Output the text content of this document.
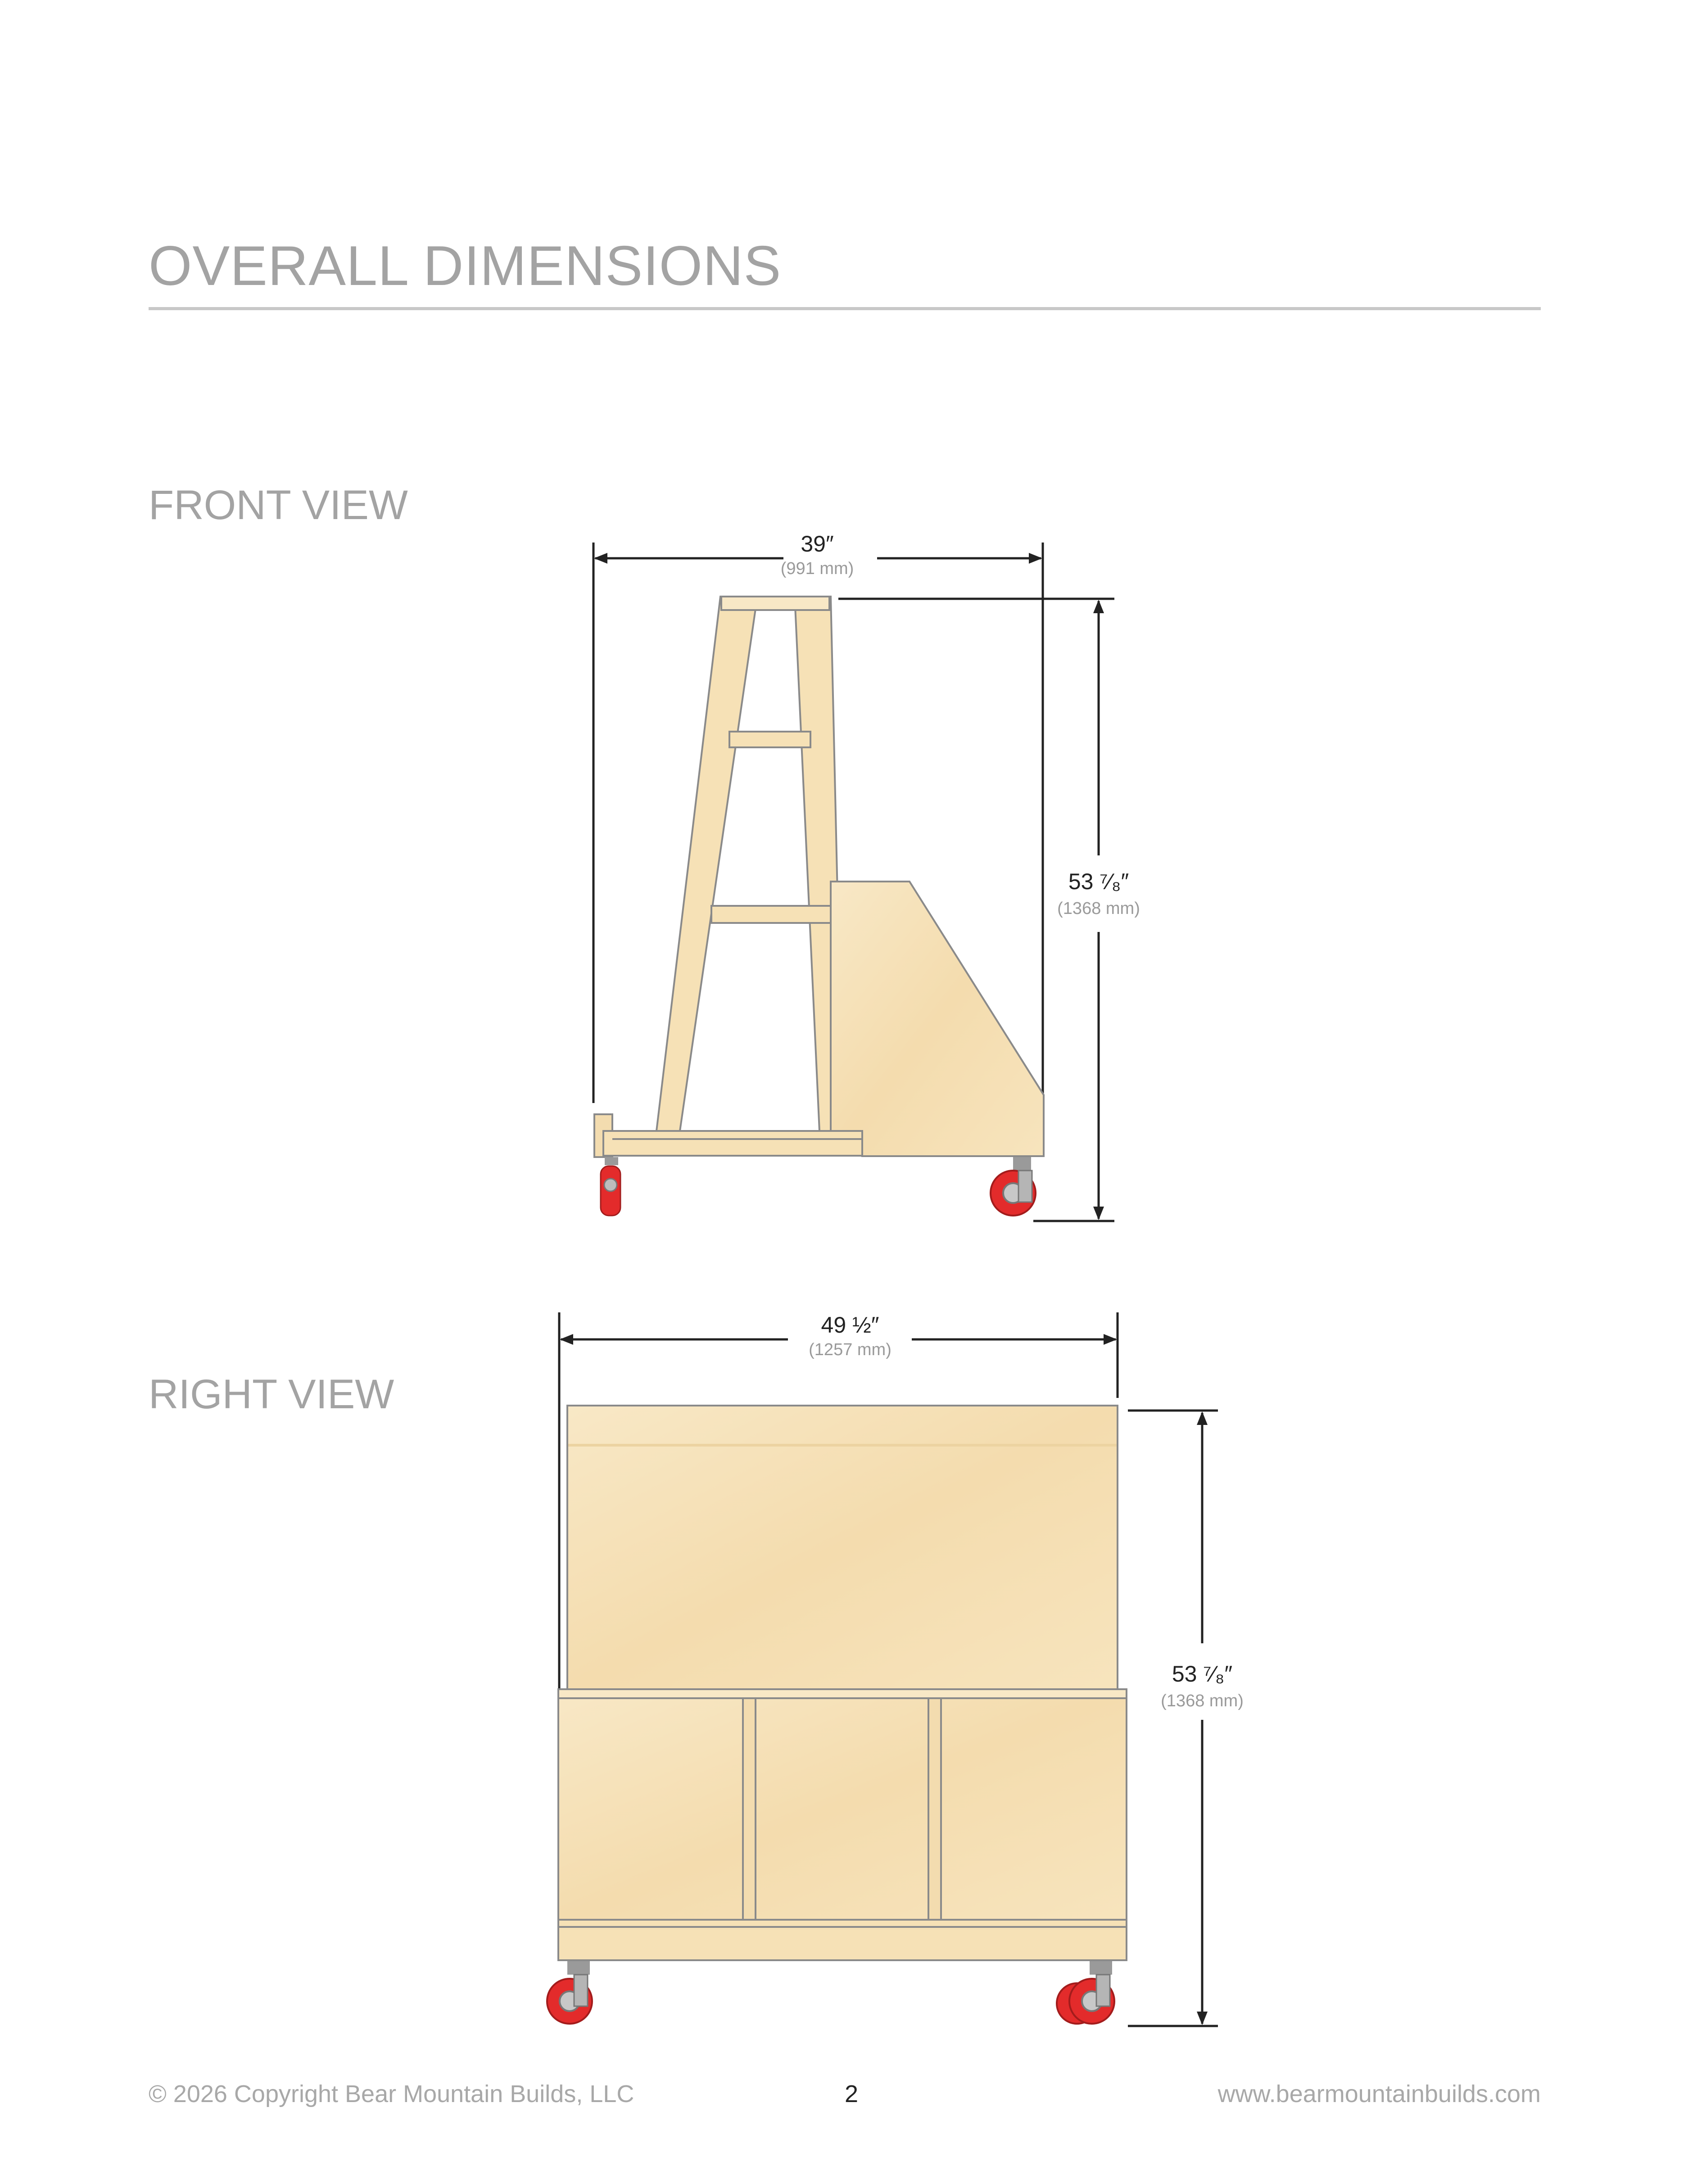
OVERALL DIMENSIONS
FRONT VIEW
RIGHT VIEW
39″
(991 mm)
53 ⁷⁄₈″
(1368 mm)
49 ½″
(1257 mm)
53 ⁷⁄₈″
(1368 mm)
© 2026 Copyright Bear Mountain Builds, LLC	2	www.bearmountainbuilds.com
